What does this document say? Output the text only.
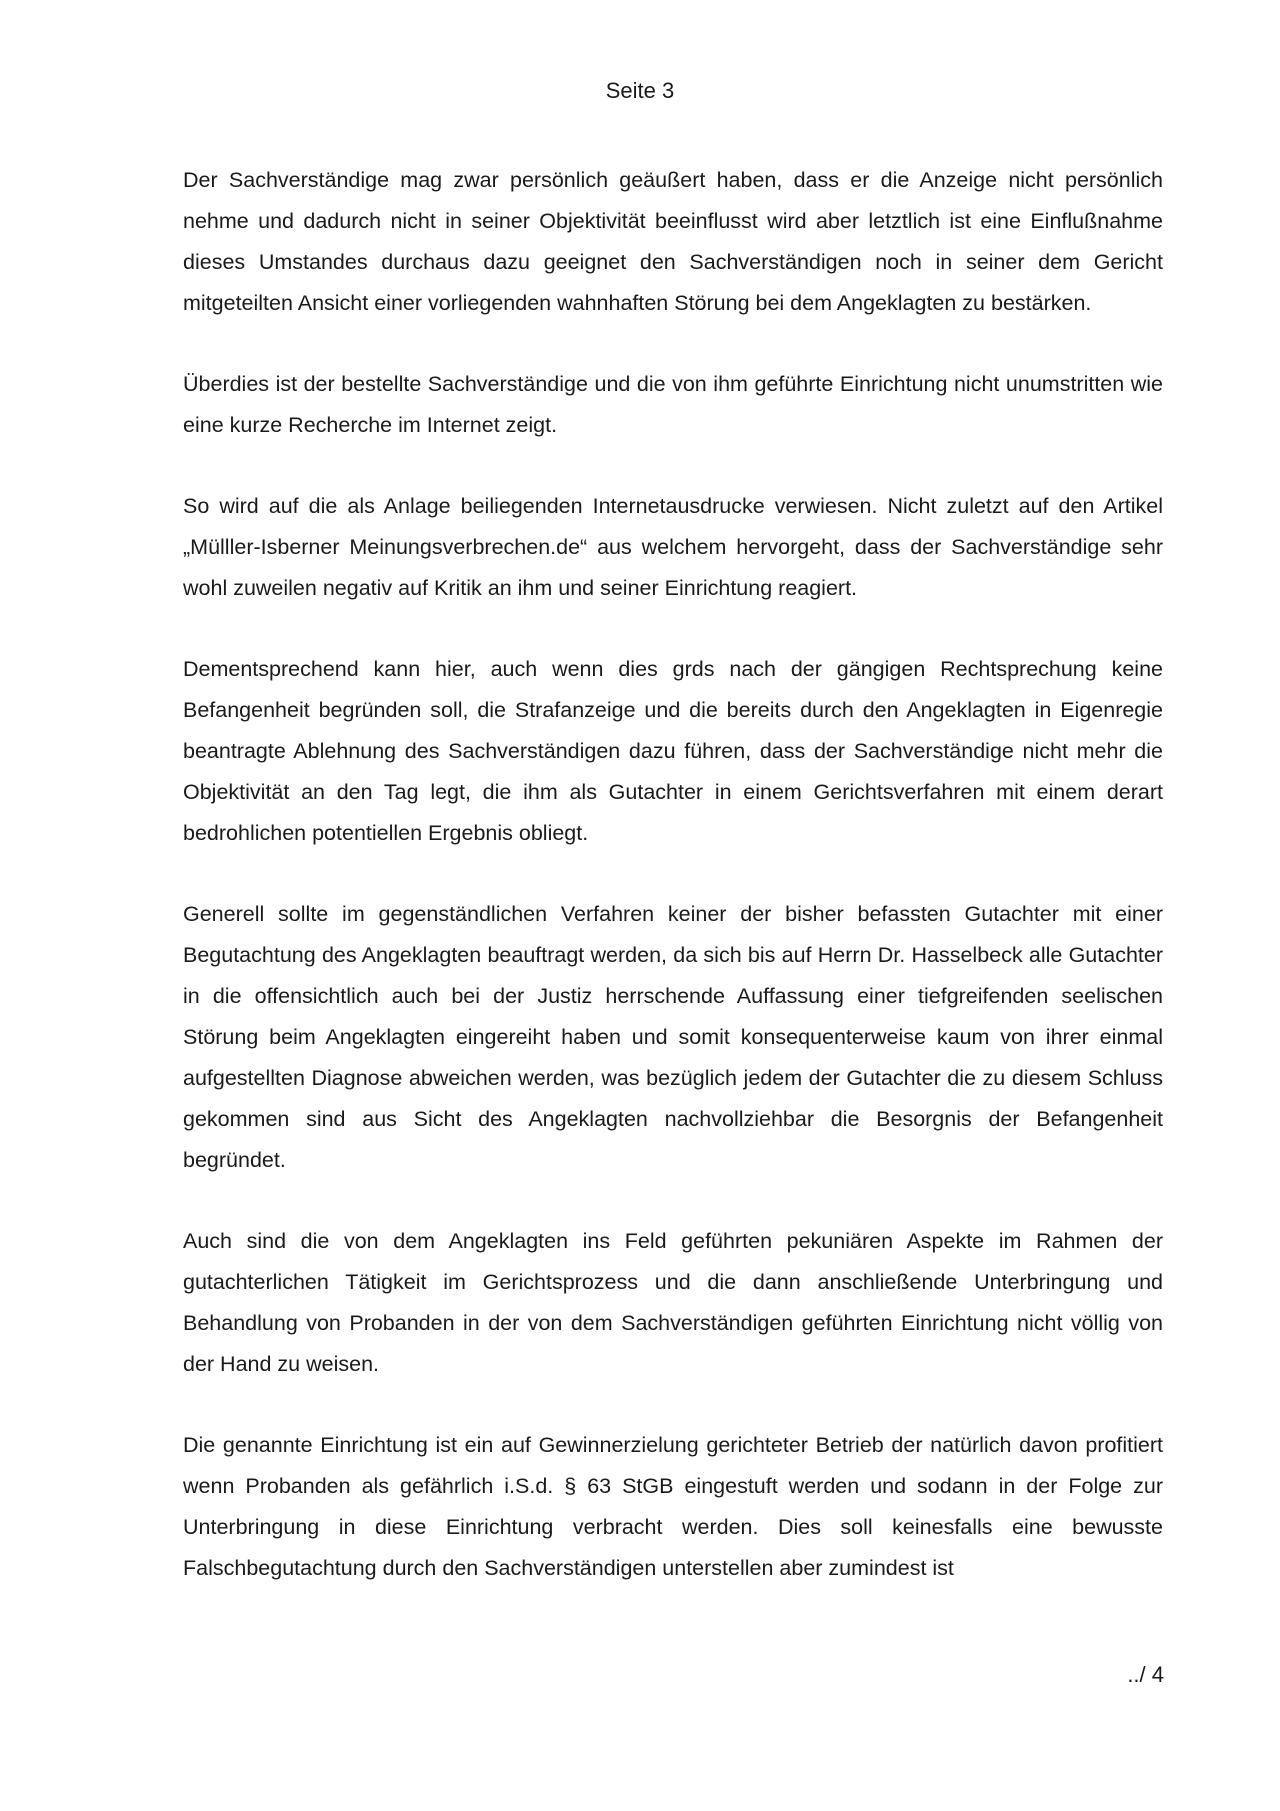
Seite 3

Der Sachverständige mag zwar persönlich geäußert haben, dass er die Anzeige nicht persönlich nehme und dadurch nicht in seiner Objektivität beeinflusst wird aber letztlich ist eine Einflußnahme dieses Umstandes durchaus dazu geeignet den Sachverständigen noch in seiner dem Gericht mitgeteilten Ansicht einer vorliegenden wahnhaften Störung bei dem Angeklagten zu bestärken.

Überdies ist der bestellte Sachverständige und die von ihm geführte Einrichtung nicht unumstritten wie eine kurze Recherche im Internet zeigt.

So wird auf die als Anlage beiliegenden Internetausdrucke verwiesen. Nicht zuletzt auf den Artikel „Mülller-Isberner Meinungsverbrechen.de“ aus welchem hervorgeht, dass der Sachverständige sehr wohl zuweilen negativ auf Kritik an ihm und seiner Einrichtung reagiert.

Dementsprechend kann hier, auch wenn dies grds nach der gängigen Rechtsprechung keine Befangenheit begründen soll, die Strafanzeige und die bereits durch den Angeklagten in Eigenregie beantragte Ablehnung des Sachverständigen dazu führen, dass der Sachverständige nicht mehr die Objektivität an den Tag legt, die ihm als Gutachter in einem Gerichtsverfahren mit einem derart bedrohlichen potentiellen Ergebnis obliegt.

Generell sollte im gegenständlichen Verfahren keiner der bisher befassten Gutachter mit einer Begutachtung des Angeklagten beauftragt werden, da sich bis auf Herrn Dr. Hasselbeck alle Gutachter in die offensichtlich auch bei der Justiz herrschende Auffassung einer tiefgreifenden seelischen Störung beim Angeklagten eingereiht haben und somit konsequenterweise kaum von ihrer einmal aufgestellten Diagnose abweichen werden, was bezüglich jedem der Gutachter die zu diesem Schluss gekommen sind aus Sicht des Angeklagten nachvollziehbar die Besorgnis der Befangenheit begründet.

Auch sind die von dem Angeklagten ins Feld geführten pekuniären Aspekte im Rahmen der gutachterlichen Tätigkeit im Gerichtsprozess und die dann anschließende Unterbringung und Behandlung von Probanden in der von dem Sachverständigen geführten Einrichtung nicht völlig von der Hand zu weisen.

Die genannte Einrichtung ist ein auf Gewinnerzielung gerichteter Betrieb der natürlich davon profitiert wenn Probanden als gefährlich i.S.d. § 63 StGB eingestuft werden und sodann in der Folge zur Unterbringung in diese Einrichtung verbracht werden. Dies soll keinesfalls eine bewusste Falschbegutachtung durch den Sachverständigen unterstellen aber zumindest ist

../ 4
